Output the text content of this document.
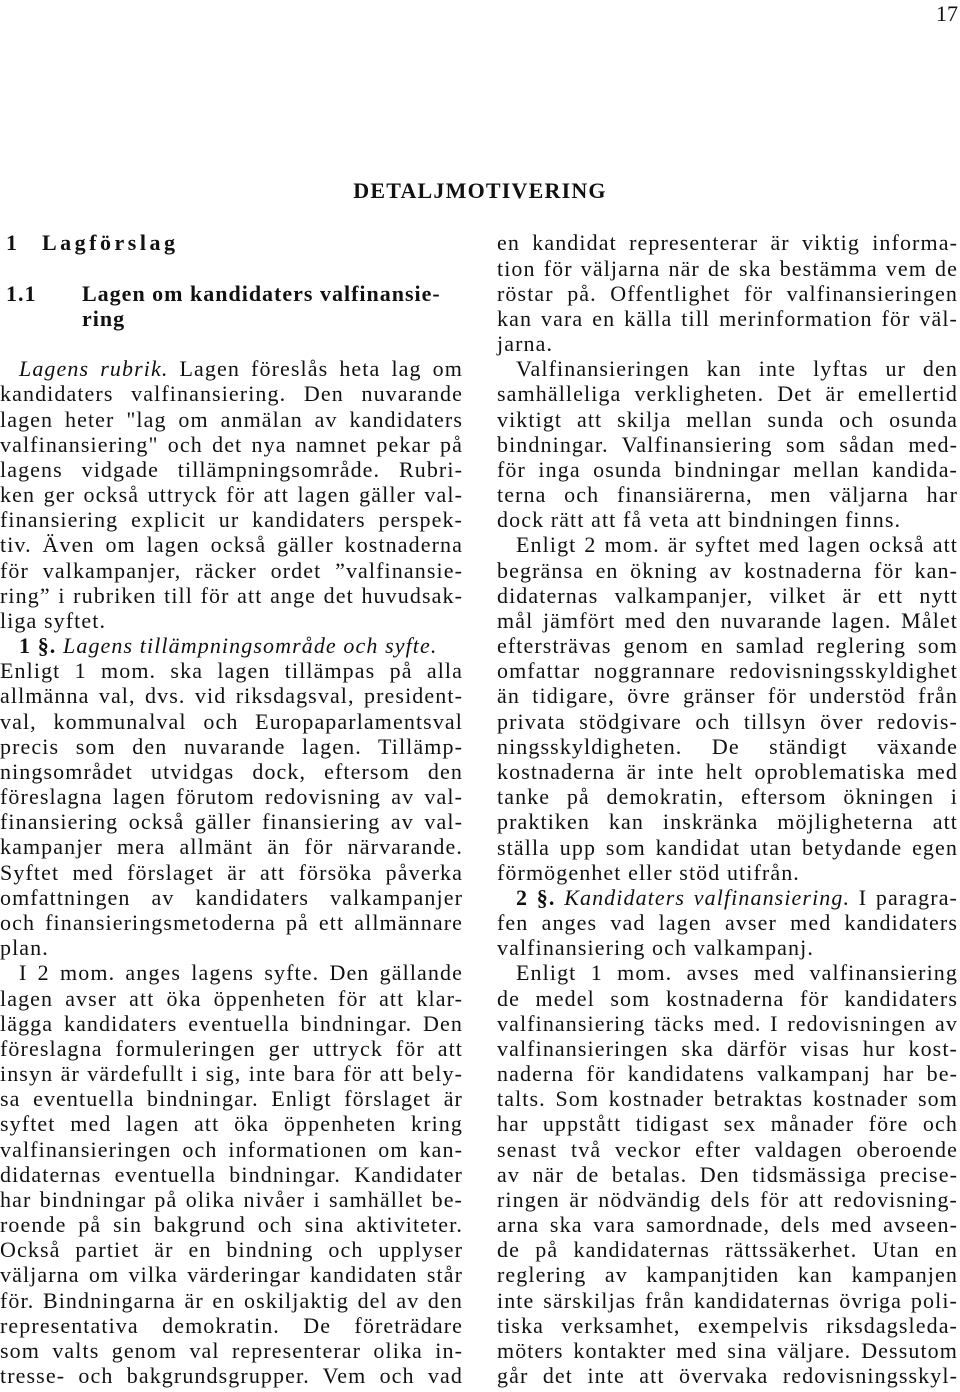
17
DETALJMOTIVERING
1	Lagförslag
1.1	Lagen om kandidaters valfinansie-
ring
Lagens rubrik. Lagen föreslås heta lag om
kandidaters valfinansiering. Den nuvarande
lagen heter "lag om anmälan av kandidaters
valfinansiering" och det nya namnet pekar på
lagens vidgade tillämpningsområde. Rubri-
ken ger också uttryck för att lagen gäller val-
finansiering explicit ur kandidaters perspek-
tiv. Även om lagen också gäller kostnaderna
för valkampanjer, räcker ordet ”valfinansie-
ring” i rubriken till för att ange det huvudsak-
liga syftet.
1 §. Lagens tillämpningsområde och syfte.
Enligt 1 mom. ska lagen tillämpas på alla
allmänna val, dvs. vid riksdagsval, president-
val, kommunalval och Europaparlamentsval
precis som den nuvarande lagen. Tillämp-
ningsområdet utvidgas dock, eftersom den
föreslagna lagen förutom redovisning av val-
finansiering också gäller finansiering av val-
kampanjer mera allmänt än för närvarande.
Syftet med förslaget är att försöka påverka
omfattningen av kandidaters valkampanjer
och finansieringsmetoderna på ett allmännare
plan.
I 2 mom. anges lagens syfte. Den gällande
lagen avser att öka öppenheten för att klar-
lägga kandidaters eventuella bindningar. Den
föreslagna formuleringen ger uttryck för att
insyn är värdefullt i sig, inte bara för att bely-
sa eventuella bindningar. Enligt förslaget är
syftet med lagen att öka öppenheten kring
valfinansieringen och informationen om kan-
didaternas eventuella bindningar. Kandidater
har bindningar på olika nivåer i samhället be-
roende på sin bakgrund och sina aktiviteter.
Också partiet är en bindning och upplyser
väljarna om vilka värderingar kandidaten står
för. Bindningarna är en oskiljaktig del av den
representativa demokratin. De företrädare
som valts genom val representerar olika in-
tresse- och bakgrundsgrupper. Vem och vad
en kandidat representerar är viktig informa-
tion för väljarna när de ska bestämma vem de
röstar på. Offentlighet för valfinansieringen
kan vara en källa till merinformation för väl-
jarna.
Valfinansieringen kan inte lyftas ur den
samhälleliga verkligheten. Det är emellertid
viktigt att skilja mellan sunda och osunda
bindningar. Valfinansiering som sådan med-
för inga osunda bindningar mellan kandida-
terna och finansiärerna, men väljarna har
dock rätt att få veta att bindningen finns.
Enligt 2 mom. är syftet med lagen också att
begränsa en ökning av kostnaderna för kan-
didaternas valkampanjer, vilket är ett nytt
mål jämfört med den nuvarande lagen. Målet
eftersträvas genom en samlad reglering som
omfattar noggrannare redovisningsskyldighet
än tidigare, övre gränser för understöd från
privata stödgivare och tillsyn över redovis-
ningsskyldigheten. De ständigt växande
kostnaderna är inte helt oproblematiska med
tanke på demokratin, eftersom ökningen i
praktiken kan inskränka möjligheterna att
ställa upp som kandidat utan betydande egen
förmögenhet eller stöd utifrån.
2 §. Kandidaters valfinansiering. I paragra-
fen anges vad lagen avser med kandidaters
valfinansiering och valkampanj.
Enligt 1 mom. avses med valfinansiering
de medel som kostnaderna för kandidaters
valfinansiering täcks med. I redovisningen av
valfinansieringen ska därför visas hur kost-
naderna för kandidatens valkampanj har be-
talts. Som kostnader betraktas kostnader som
har uppstått tidigast sex månader före och
senast två veckor efter valdagen oberoende
av när de betalas. Den tidsmässiga precise-
ringen är nödvändig dels för att redovisning-
arna ska vara samordnade, dels med avseen-
de på kandidaternas rättssäkerhet. Utan en
reglering av kampanjtiden kan kampanjen
inte särskiljas från kandidaternas övriga poli-
tiska verksamhet, exempelvis riksdagsleda-
möters kontakter med sina väljare. Dessutom
går det inte att övervaka redovisningsskyl-
